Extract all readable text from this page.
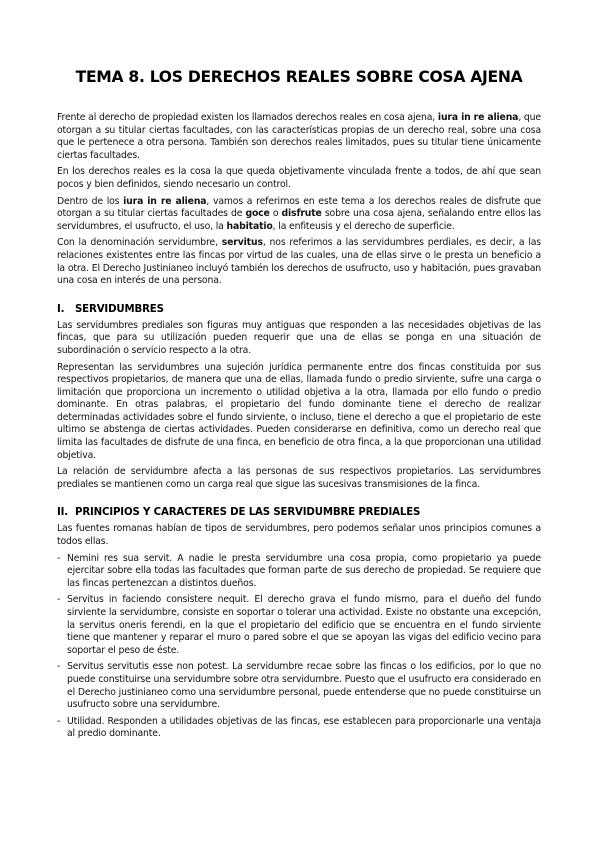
TEMA 8. LOS DERECHOS REALES SOBRE COSA AJENA

Frente al derecho de propiedad existen los llamados derechos reales en cosa ajena, iura in re aliena, que otorgan a su titular ciertas facultades, con las características propias de un derecho real, sobre una cosa que le pertenece a otra persona. También son derechos reales limitados, pues su titular tiene únicamente ciertas facultades.

En los derechos reales es la cosa la que queda objetivamente vinculada frente a todos, de ahí que sean pocos y bien definidos, siendo necesario un control.

Dentro de los iura in re aliena, vamos a referirnos en este tema a los derechos reales de disfrute que otorgan a su titular ciertas facultades de goce o disfrute sobre una cosa ajena, señalando entre ellos las servidumbres, el usufructo, el uso, la habitatio, la enfiteusis y el derecho de superficie.

Con la denominación servidumbre, servitus, nos referimos a las servidumbres perdiales, es decir, a las relaciones existentes entre las fincas por virtud de las cuales, una de ellas sirve o le presta un beneficio a la otra. El Derecho Justinianeo incluyó también los derechos de usufructo, uso y habitación, pues gravaban una cosa en interés de una persona.

I. SERVIDUMBRES

Las servidumbres prediales son figuras muy antiguas que responden a las necesidades objetivas de las fincas, que para su utilización pueden requerir que una de ellas se ponga en una situación de subordinación o servicio respecto a la otra.

Representan las servidumbres una sujeción jurídica permanente entre dos fincas constituida por sus respectivos propietarios, de manera que una de ellas, llamada fundo o predio sirviente, sufre una carga o limitación que proporciona un incremento o utilidad objetiva a la otra, llamada por ello fundo o predio dominante. En otras palabras, el propietario del fundo dominante tiene el derecho de realizar determinadas actividades sobre el fundo sirviente, o incluso, tiene el derecho a que el propietario de este ultimo se abstenga de ciertas actividades. Pueden considerarse en definitiva, como un derecho real que limita las facultades de disfrute de una finca, en beneficio de otra finca, a la que proporcionan una utilidad objetiva.

La relación de servidumbre afecta a las personas de sus respectivos propietarios. Las servidumbres prediales se mantienen como un carga real que sigue las sucesivas transmisiones de la finca.

II. PRINCIPIOS Y CARACTERES DE LAS SERVIDUMBRE PREDIALES

Las fuentes romanas habían de tipos de servidumbres, pero podemos señalar unos principios comunes a todos ellas.

- Nemini res sua servit. A nadie le presta servidumbre una cosa propia, como propietario ya puede ejercitar sobre ella todas las facultades que forman parte de sus derecho de propiedad. Se requiere que las fincas pertenezcan a distintos dueños.
- Servitus in faciendo consistere nequit. El derecho grava el fundo mismo, para el dueño del fundo sirviente la servidumbre, consiste en soportar o tolerar una actividad. Existe no obstante una excepción, la servitus oneris ferendi, en la que el propietario del edificio que se encuentra en el fundo sirviente tiene que mantener y reparar el muro o pared sobre el que se apoyan las vigas del edificio vecino para soportar el peso de éste.
- Servitus servitutis esse non potest. La servidumbre recae sobre las fincas o los edificios, por lo que no puede constituirse una servidumbre sobre otra servidumbre. Puesto que el usufructo era considerado en el Derecho justinianeo como una servidumbre personal, puede entenderse que no puede constituirse un usufructo sobre una servidumbre.
- Utilidad. Responden a utilidades objetivas de las fincas, ese establecen para proporcionarle una ventaja al predio dominante.
